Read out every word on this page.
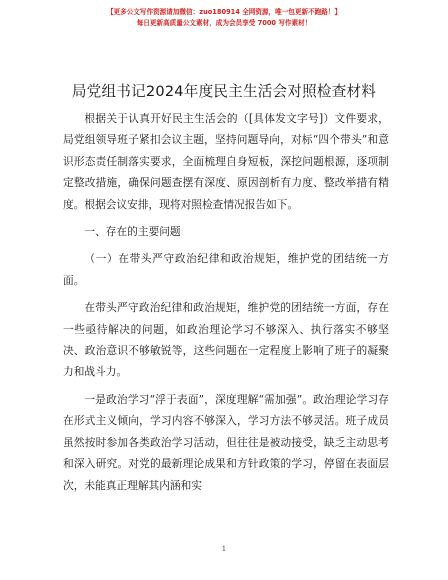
【更多公文写作资源请加微信：zuo180914 全网资源，唯一包更新不跑路！】
每日更新高质量公文素材，成为会员享受 7000 写作素材！
局党组书记2024年度民主生活会对照检查材料

根据关于认真开好民主生活会的（[具体发文字号]）文件要求，局党组领导班子紧扣会议主题，坚持问题导向，对标“四个带头”和意识形态责任制落实要求，全面梳理自身短板，深挖问题根源，逐项制定整改措施，确保问题查摆有深度、原因剖析有力度、整改举措有精度。根据会议安排，现将对照检查情况报告如下。

一、存在的主要问题

（一）在带头严守政治纪律和政治规矩，维护党的团结统一方面。

在带头严守政治纪律和政治规矩，维护党的团结统一方面，存在一些亟待解决的问题，如政治理论学习不够深入、执行落实不够坚决、政治意识不够敏锐等，这些问题在一定程度上影响了班子的凝聚力和战斗力。

一是政治学习“浮于表面”，深度理解“需加强”。政治理论学习存在形式主义倾向，学习内容不够深入，学习方法不够灵活。班子成员虽然按时参加各类政治学习活动，但往往是被动接受，缺乏主动思考和深入研究。对党的最新理论成果和方针政策的学习，停留在表面层次，未能真正理解其内涵和实

1
